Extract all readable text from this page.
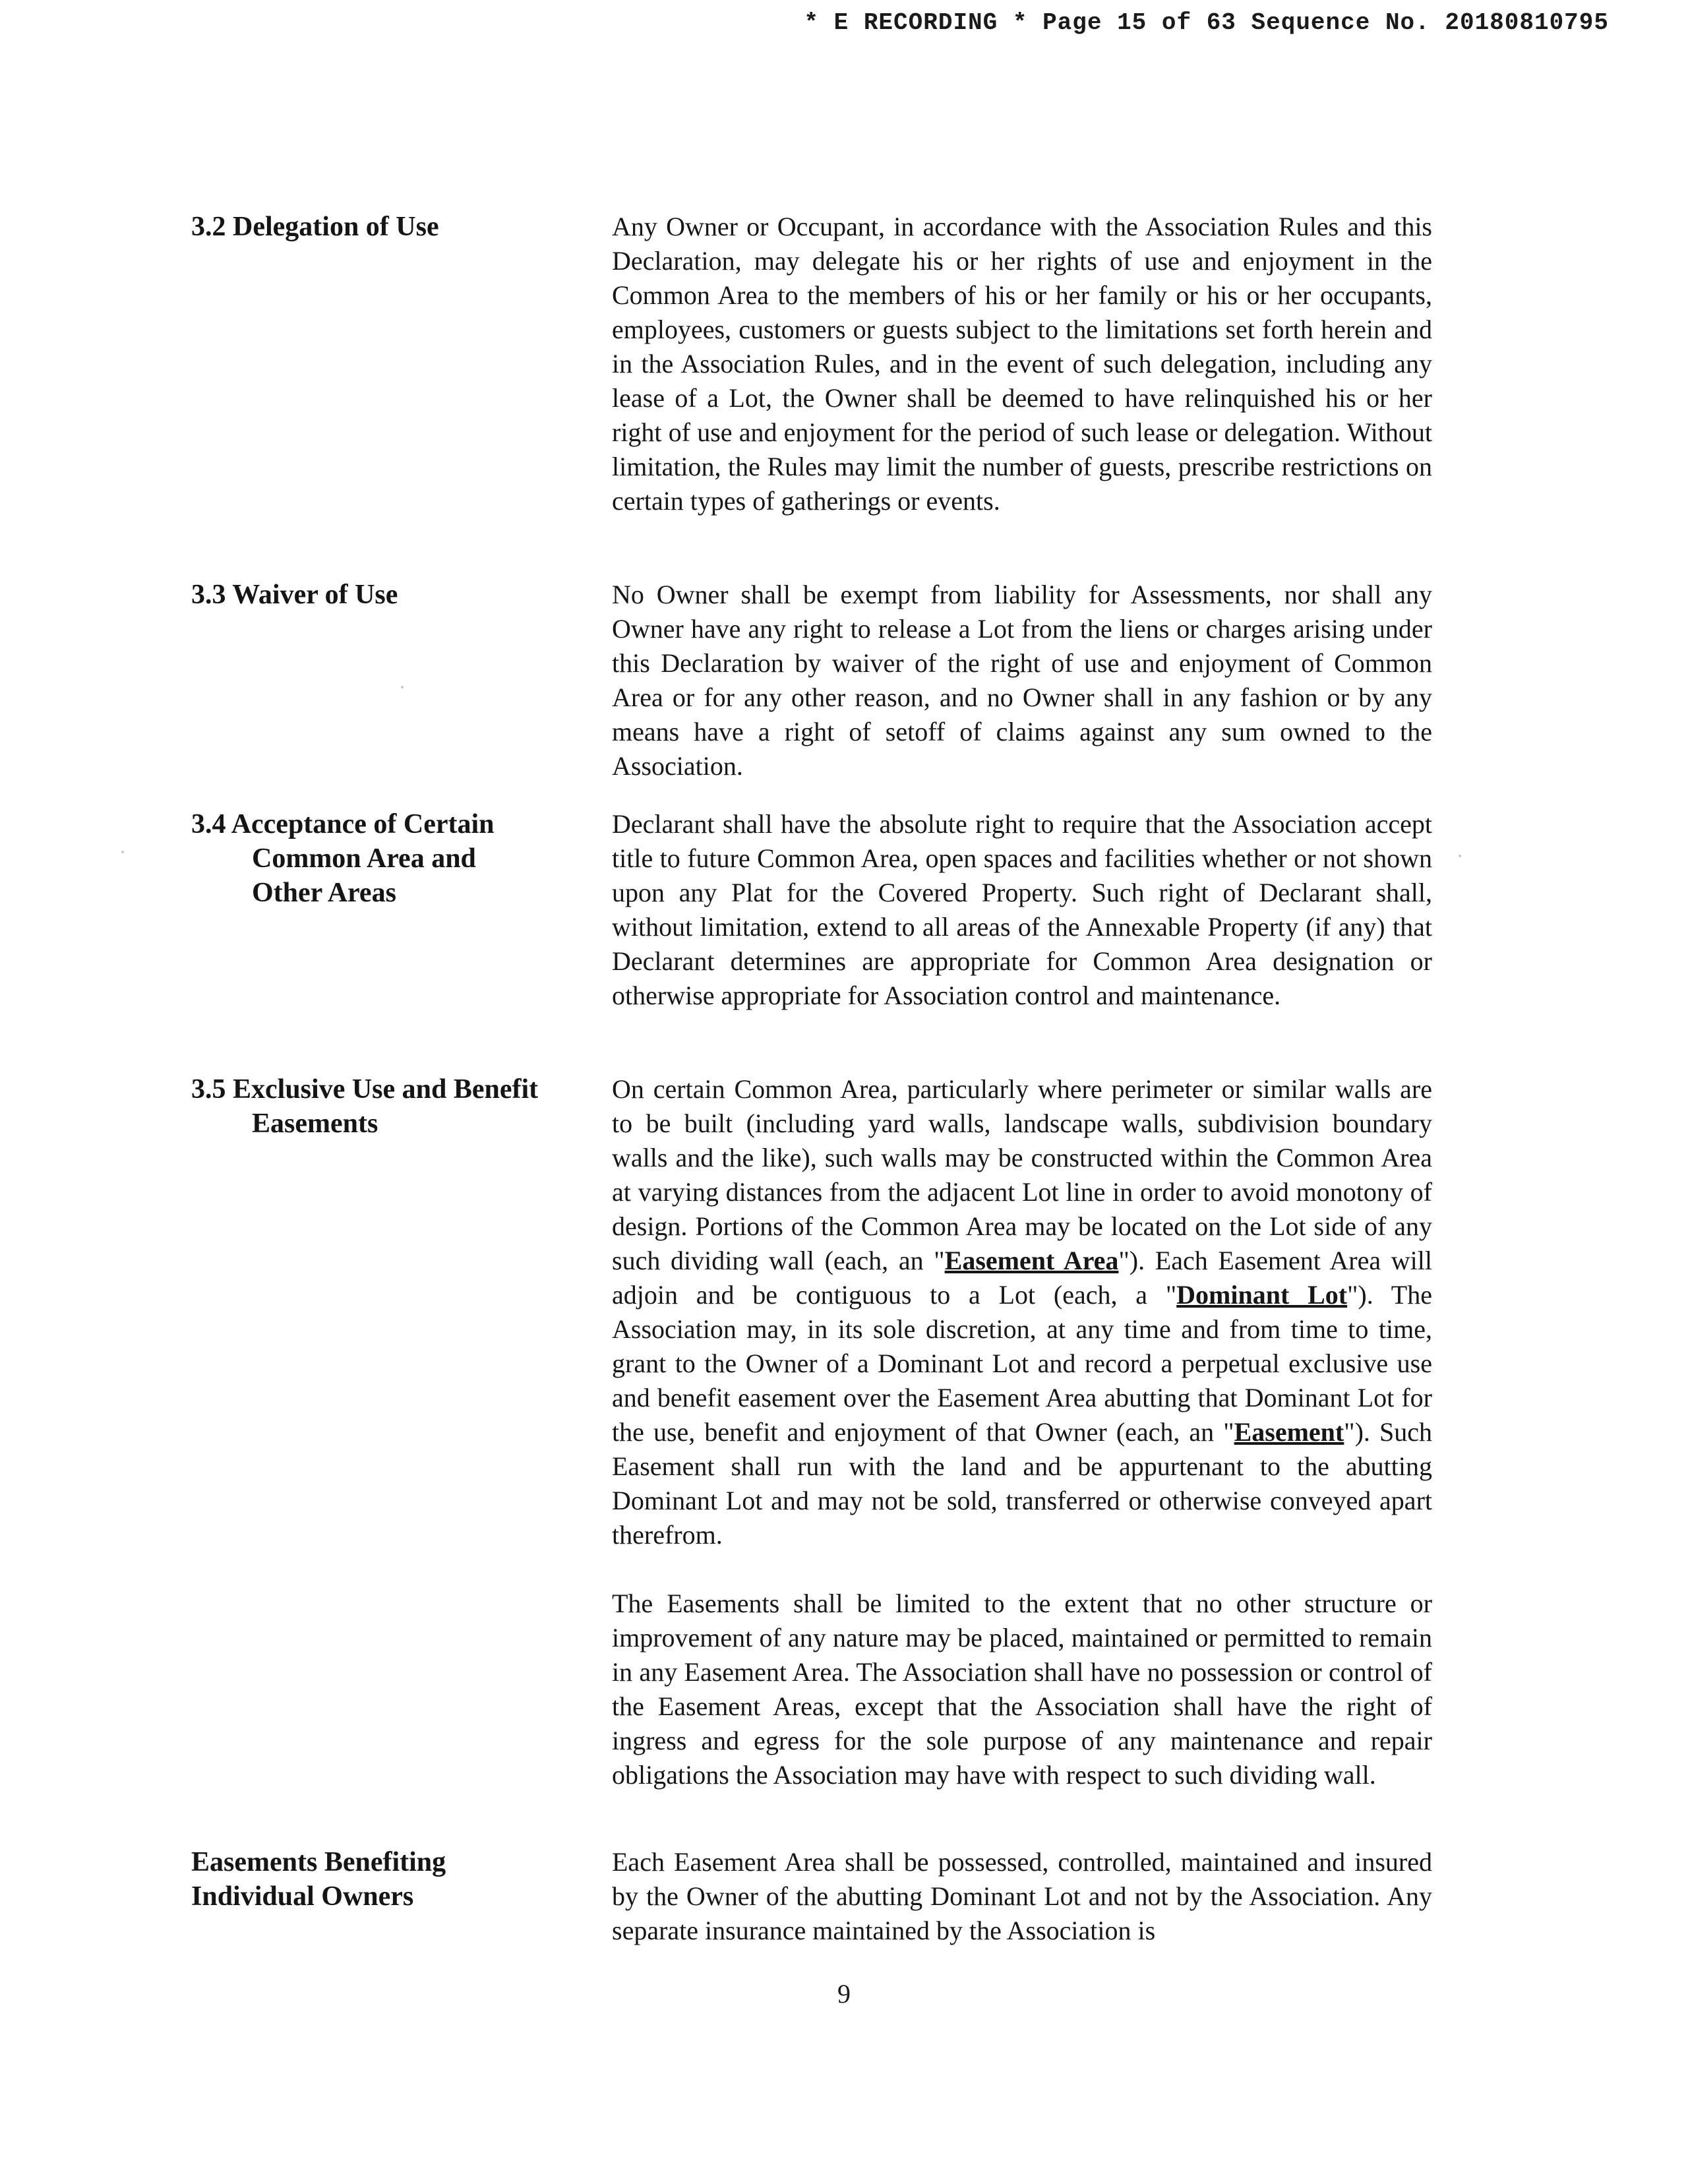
* E RECORDING * Page 15 of 63 Sequence No. 20180810795
3.2 Delegation of Use	Any Owner or Occupant, in accordance with the Association Rules and this Declaration, may delegate his or her rights of use and enjoyment in the Common Area to the members of his or her family or his or her occupants, employees, customers or guests subject to the limitations set forth herein and in the Association Rules, and in the event of such delegation, including any lease of a Lot, the Owner shall be deemed to have relinquished his or her right of use and enjoyment for the period of such lease or delegation. Without limitation, the Rules may limit the number of guests, prescribe restrictions on certain types of gatherings or events.

3.3 Waiver of Use	No Owner shall be exempt from liability for Assessments, nor shall any Owner have any right to release a Lot from the liens or charges arising under this Declaration by waiver of the right of use and enjoyment of Common Area or for any other reason, and no Owner shall in any fashion or by any means have a right of setoff of claims against any sum owned to the Association.

3.4 Acceptance of Certain
Common Area and
Other Areas

Declarant shall have the absolute right to require that the Association accept title to future Common Area, open spaces and facilities whether or not shown upon any Plat for the Covered Property. Such right of Declarant shall, without limitation, extend to all areas of the Annexable Property (if any) that Declarant determines are appropriate for Common Area designation or otherwise appropriate for Association control and maintenance.

3.5 Exclusive Use and Benefit
Easements

On certain Common Area, particularly where perimeter or similar walls are to be built (including yard walls, landscape walls, subdivision boundary walls and the like), such walls may be constructed within the Common Area at varying distances from the adjacent Lot line in order to avoid monotony of design. Portions of the Common Area may be located on the Lot side of any such dividing wall (each, an "Easement Area"). Each Easement Area will adjoin and be contiguous to a Lot (each, a "Dominant Lot"). The Association may, in its sole discretion, at any time and from time to time, grant to the Owner of a Dominant Lot and record a perpetual exclusive use and benefit easement over the Easement Area abutting that Dominant Lot for the use, benefit and enjoyment of that Owner (each, an "Easement"). Such Easement shall run with the land and be appurtenant to the abutting Dominant Lot and may not be sold, transferred or otherwise conveyed apart therefrom.

The Easements shall be limited to the extent that no other structure or improvement of any nature may be placed, maintained or permitted to remain in any Easement Area. The Association shall have no possession or control of the Easement Areas, except that the Association shall have the right of ingress and egress for the sole purpose of any maintenance and repair obligations the Association may have with respect to such dividing wall.

Easements Benefiting
Individual Owners

Each Easement Area shall be possessed, controlled, maintained and insured by the Owner of the abutting Dominant Lot and not by the Association. Any separate insurance maintained by the Association is

9
